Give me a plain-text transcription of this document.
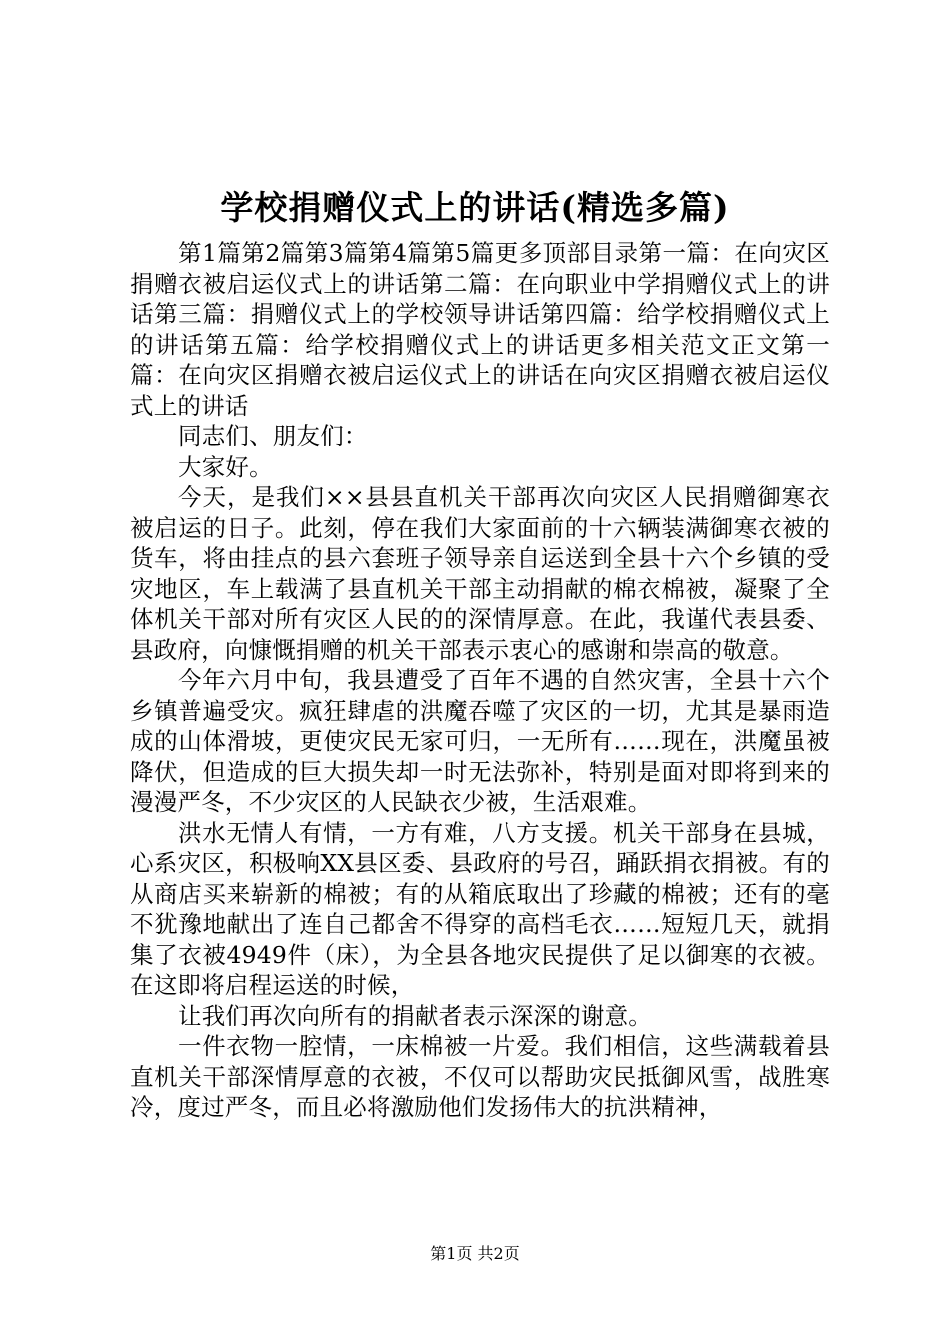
学校捐赠仪式上的讲话(精选多篇)

第1篇第2篇第3篇第4篇第5篇更多顶部目录第一篇：在向灾区捐赠衣被启运仪式上的讲话第二篇：在向职业中学捐赠仪式上的讲话第三篇：捐赠仪式上的学校领导讲话第四篇：给学校捐赠仪式上的讲话第五篇：给学校捐赠仪式上的讲话更多相关范文正文第一篇：在向灾区捐赠衣被启运仪式上的讲话在向灾区捐赠衣被启运仪式上的讲话

同志们、朋友们：

大家好。

今天，是我们××县县直机关干部再次向灾区人民捐赠御寒衣被启运的日子。此刻，停在我们大家面前的十六辆装满御寒衣被的货车，将由挂点的县六套班子领导亲自运送到全县十六个乡镇的受灾地区，车上载满了县直机关干部主动捐献的棉衣棉被，凝聚了全体机关干部对所有灾区人民的的深情厚意。在此，我谨代表县委、县政府，向慷慨捐赠的机关干部表示衷心的感谢和崇高的敬意。

今年六月中旬，我县遭受了百年不遇的自然灾害，全县十六个乡镇普遍受灾。疯狂肆虐的洪魔吞噬了灾区的一切，尤其是暴雨造成的山体滑坡，更使灾民无家可归，一无所有……现在，洪魔虽被降伏，但造成的巨大损失却一时无法弥补，特别是面对即将到来的漫漫严冬，不少灾区的人民缺衣少被，生活艰难。

洪水无情人有情，一方有难，八方支援。机关干部身在县城，心系灾区，积极响XX县区委、县政府的号召，踊跃捐衣捐被。有的从商店买来崭新的棉被；有的从箱底取出了珍藏的棉被；还有的毫不犹豫地献出了连自己都舍不得穿的高档毛衣……短短几天，就捐集了衣被4949件（床），为全县各地灾民提供了足以御寒的衣被。在这即将启程运送的时候，

让我们再次向所有的捐献者表示深深的谢意。

一件衣物一腔情，一床棉被一片爱。我们相信，这些满载着县直机关干部深情厚意的衣被，不仅可以帮助灾民抵御风雪，战胜寒冷，度过严冬，而且必将激励他们发扬伟大的抗洪精神，

第1页 共2页
